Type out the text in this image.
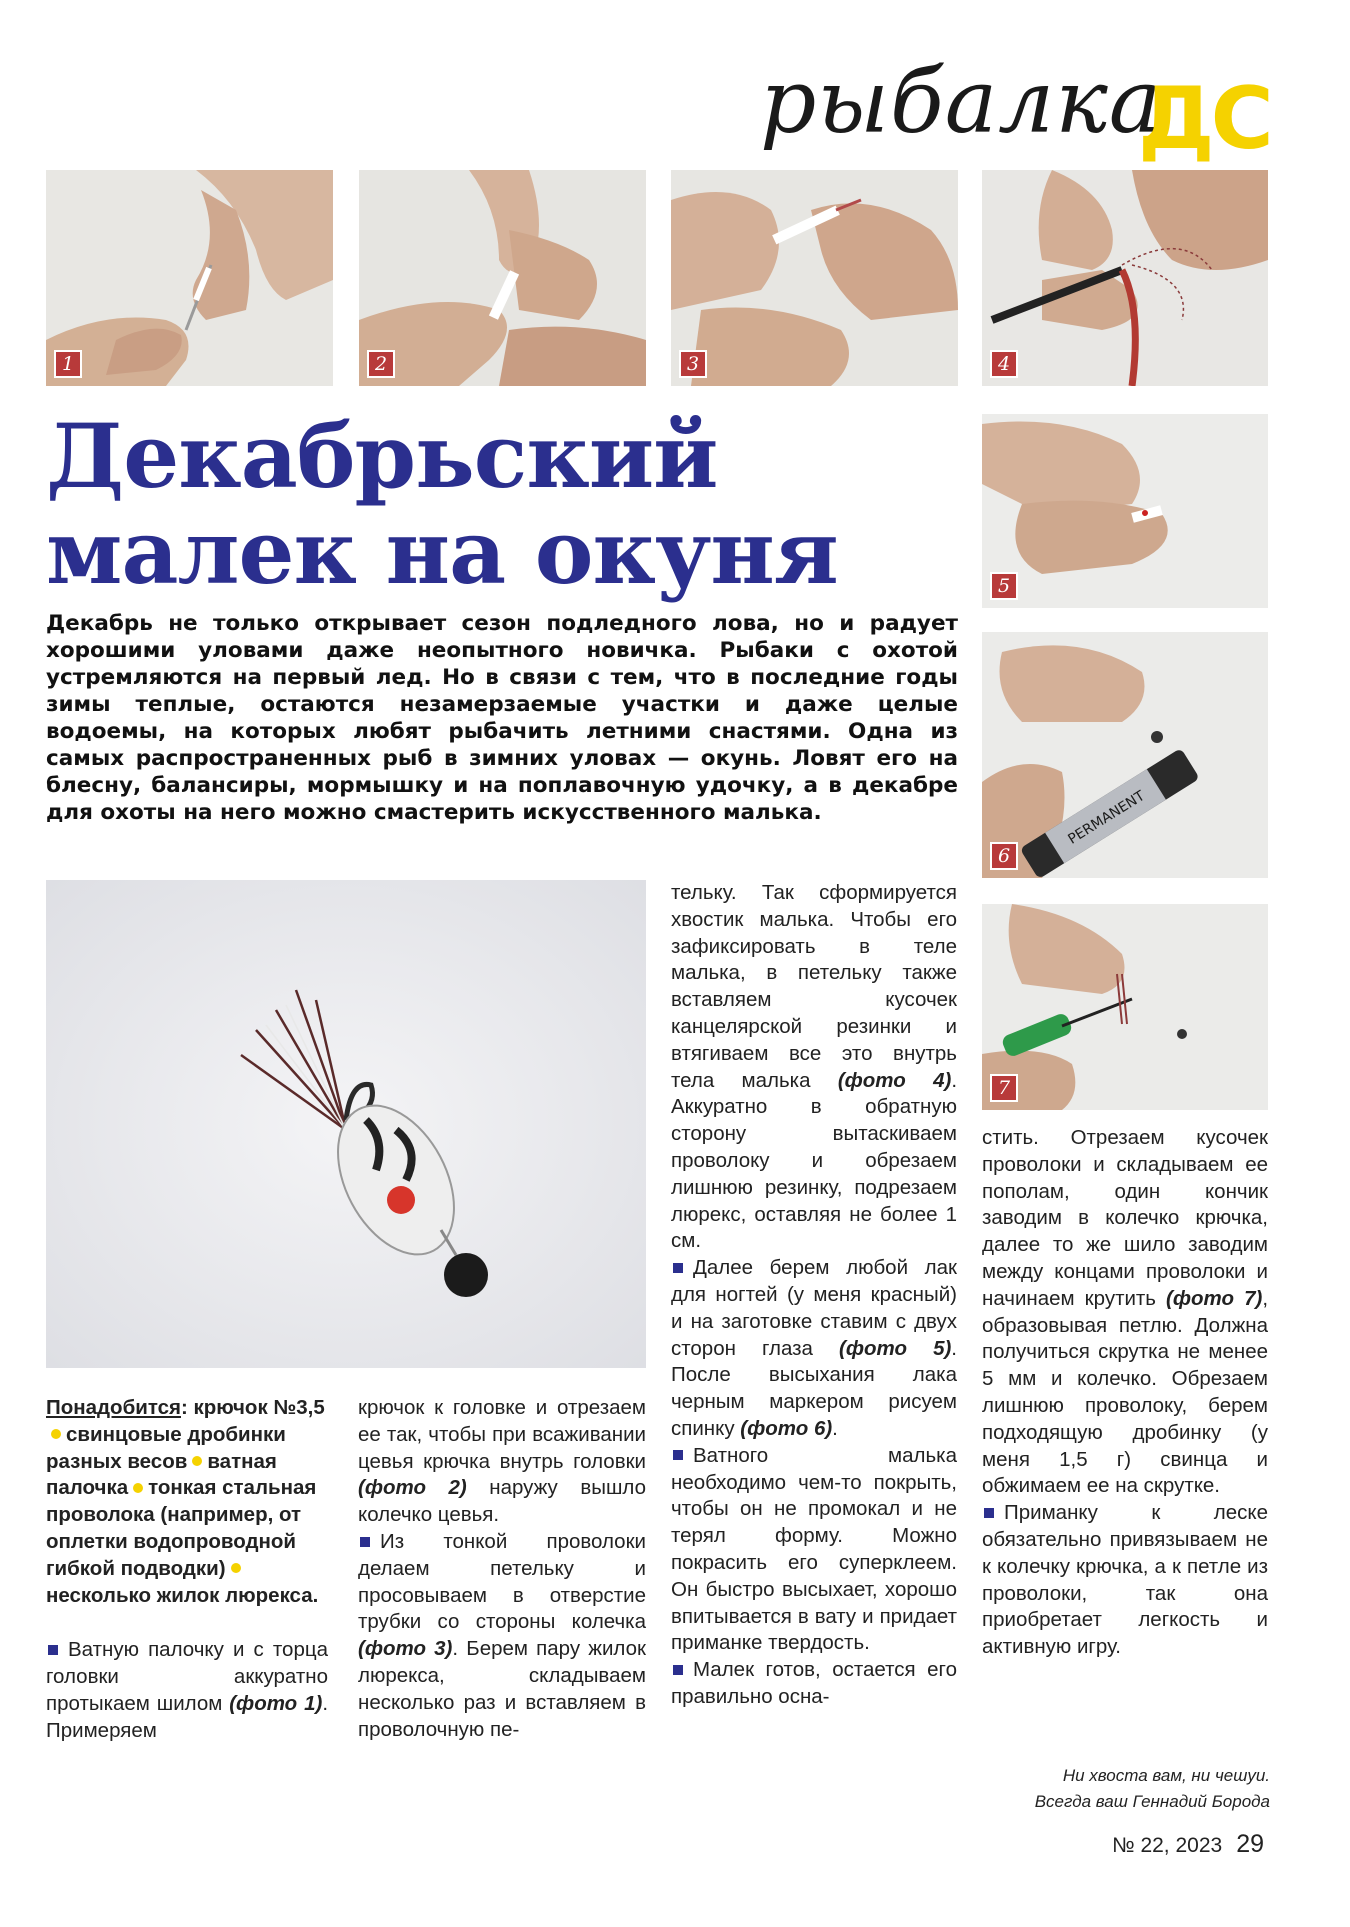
рыбалка
ДС
1	2	3	4
5
PERMANENT
6
7
Декабрьский
малек на окуня
Декабрь не только открывает сезон подледного лова, но и радует хорошими уловами даже неопытного новичка. Рыбаки с охотой устремляются на первый лед. Но в связи с тем, что в последние годы зимы теплые, остаются незамерзаемые участки и даже целые водоемы, на которых любят рыбачить летними снастями. Одна из самых распространенных рыб в зимних уловах — окунь. Ловят его на блесну, балансиры, мормышку и на поплавочную удочку, а в декабре для охоты на него можно смастерить искусственного малька.

Понадобится: крючок №3,5свинцовые дробинки разных весов ватная палочка тонкая стальная проволока (например, от оплетки водопроводной гибкой подводки)несколько жилок люрекса.

Ватную палочку и с торца головки аккуратно протыкаем шилом (фото 1). Примеряем

крючок к головке и отрезаем ее так, чтобы при всаживании цевья крючка внутрь головки (фото 2) наружу вышло колечко цевья.

Из тонкой проволоки делаем петельку и просовываем в отверстие трубки со стороны колечка (фото 3). Берем пару жилок люрекса, складываем несколько раз и вставляем в проволочную пе-

тельку. Так сформируется хвостик малька. Чтобы его зафиксировать в теле малька, в петельку также вставляем кусочек канцелярской резинки и втягиваем все это внутрь тела малька (фото 4). Аккуратно в обратную сторону вытаскиваем проволоку и обрезаем лишнюю резинку, подрезаем люрекс, оставляя не более 1 см.

Далее берем любой лак для ногтей (у меня красный) и на заготовке ставим с двух сторон глаза (фото 5). После высыхания лака черным маркером рисуем спинку (фото 6).

Ватного малька необходимо чем-то покрыть, чтобы он не промокал и не терял форму. Можно покрасить его суперклеем. Он быстро высыхает, хорошо впитывается в вату и придает приманке твердость.

Малек готов, остается его правильно осна-

стить. Отрезаем кусочек проволоки и складываем ее пополам, один кончик заводим в колечко крючка, далее то же шило заводим между концами проволоки и начинаем крутить (фото 7), образовывая петлю. Должна получиться скрутка не менее 5 мм и колечко. Обрезаем лишнюю проволоку, берем подходящую дробинку (у меня 1,5 г) свинца и обжимаем ее на скрутке.

Приманку к леске обязательно привязываем не к колечку крючка, а к петле из проволоки, так она приобретает легкость и активную игру.

Ни хвоста вам, ни чешуи.
Всегда ваш Геннадий Борода
№ 22, 2023 29
